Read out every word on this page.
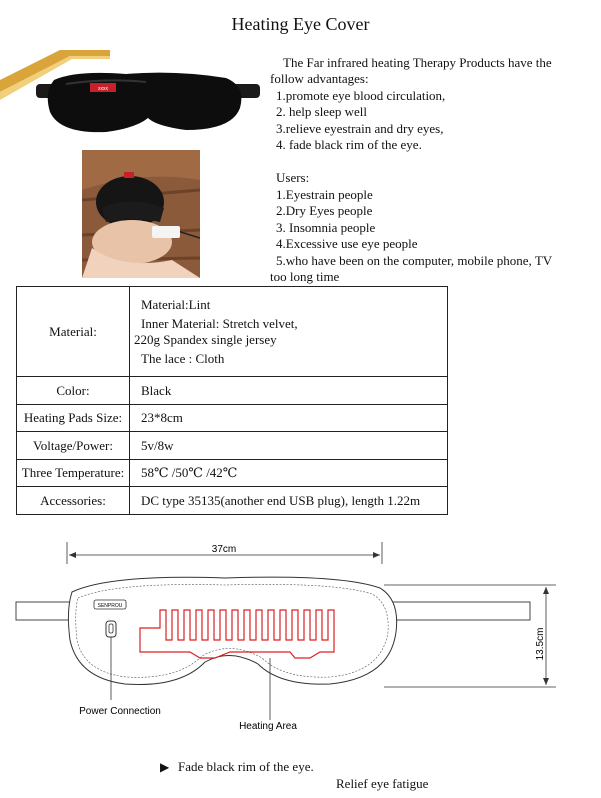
Heating Eye Cover
xxxx
The Far infrared heating Therapy Products have the
follow advantages:
1.promote eye blood circulation,
2. help sleep well
3.relieve eyestrain and dry eyes,
4. fade black rim of the eye.
Users:
1.Eyestrain people
2.Dry Eyes people
3. Insomnia people
4.Excessive use eye people
5.who have been on the computer, mobile phone, TV
too long time
Material:	Material:Lint
Inner Material: Stretch velvet,
220g Spandex single jersey
The lace : Cloth

Color:	Black
Heating Pads Size:	23*8cm
Voltage/Power:	5v/8w
Three Temperature:	58℃ /50℃ /42℃
Accessories:	DC type 35135(another end USB plug), length 1.22m
37cm
13.5cm
SENPROU
Power Connection
Heating Area
▶ Fade black rim of the eye.
Relief eye fatigue
